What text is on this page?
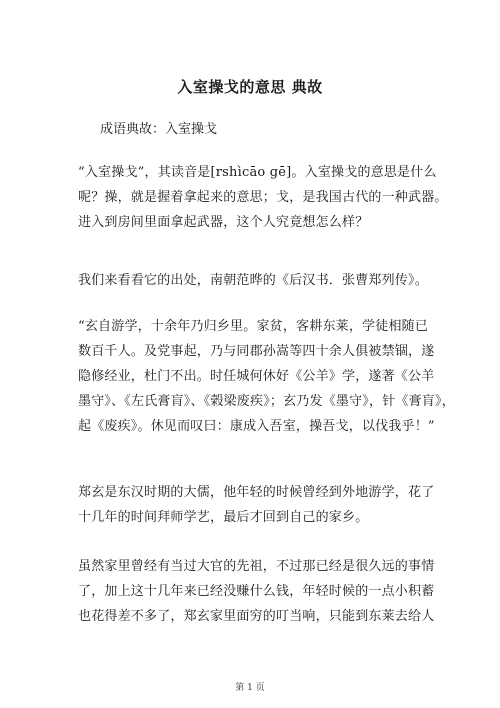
入室操戈的意思 典故
成语典故：入室操戈
“入室操戈”，其读音是[rshìcāo gē]。入室操戈的意思是什么
呢？操，就是握着拿起来的意思；戈，是我国古代的一种武器。
进入到房间里面拿起武器，这个人究竟想怎么样？
我们来看看它的出处，南朝范晔的《后汉书．张曹郑列传》。
“玄自游学，十余年乃归乡里。家贫，客耕东莱，学徒相随已
数百千人。及党事起，乃与同郡孙嵩等四十余人俱被禁锢，遂
隐修经业，杜门不出。时任城何休好《公羊》学，遂著《公羊
墨守》、《左氏膏肓》、《榖梁废疾》；玄乃发《墨守》，针《膏肓》，
起《废疾》。休见而叹曰：康成入吾室，操吾戈，以伐我乎！”
郑玄是东汉时期的大儒，他年轻的时候曾经到外地游学，花了
十几年的时间拜师学艺，最后才回到自己的家乡。
虽然家里曾经有当过大官的先祖，不过那已经是很久远的事情
了，加上这十几年来已经没赚什么钱，年轻时候的一点小积蓄
也花得差不多了，郑玄家里面穷的叮当响，只能到东莱去给人
第 1 页
